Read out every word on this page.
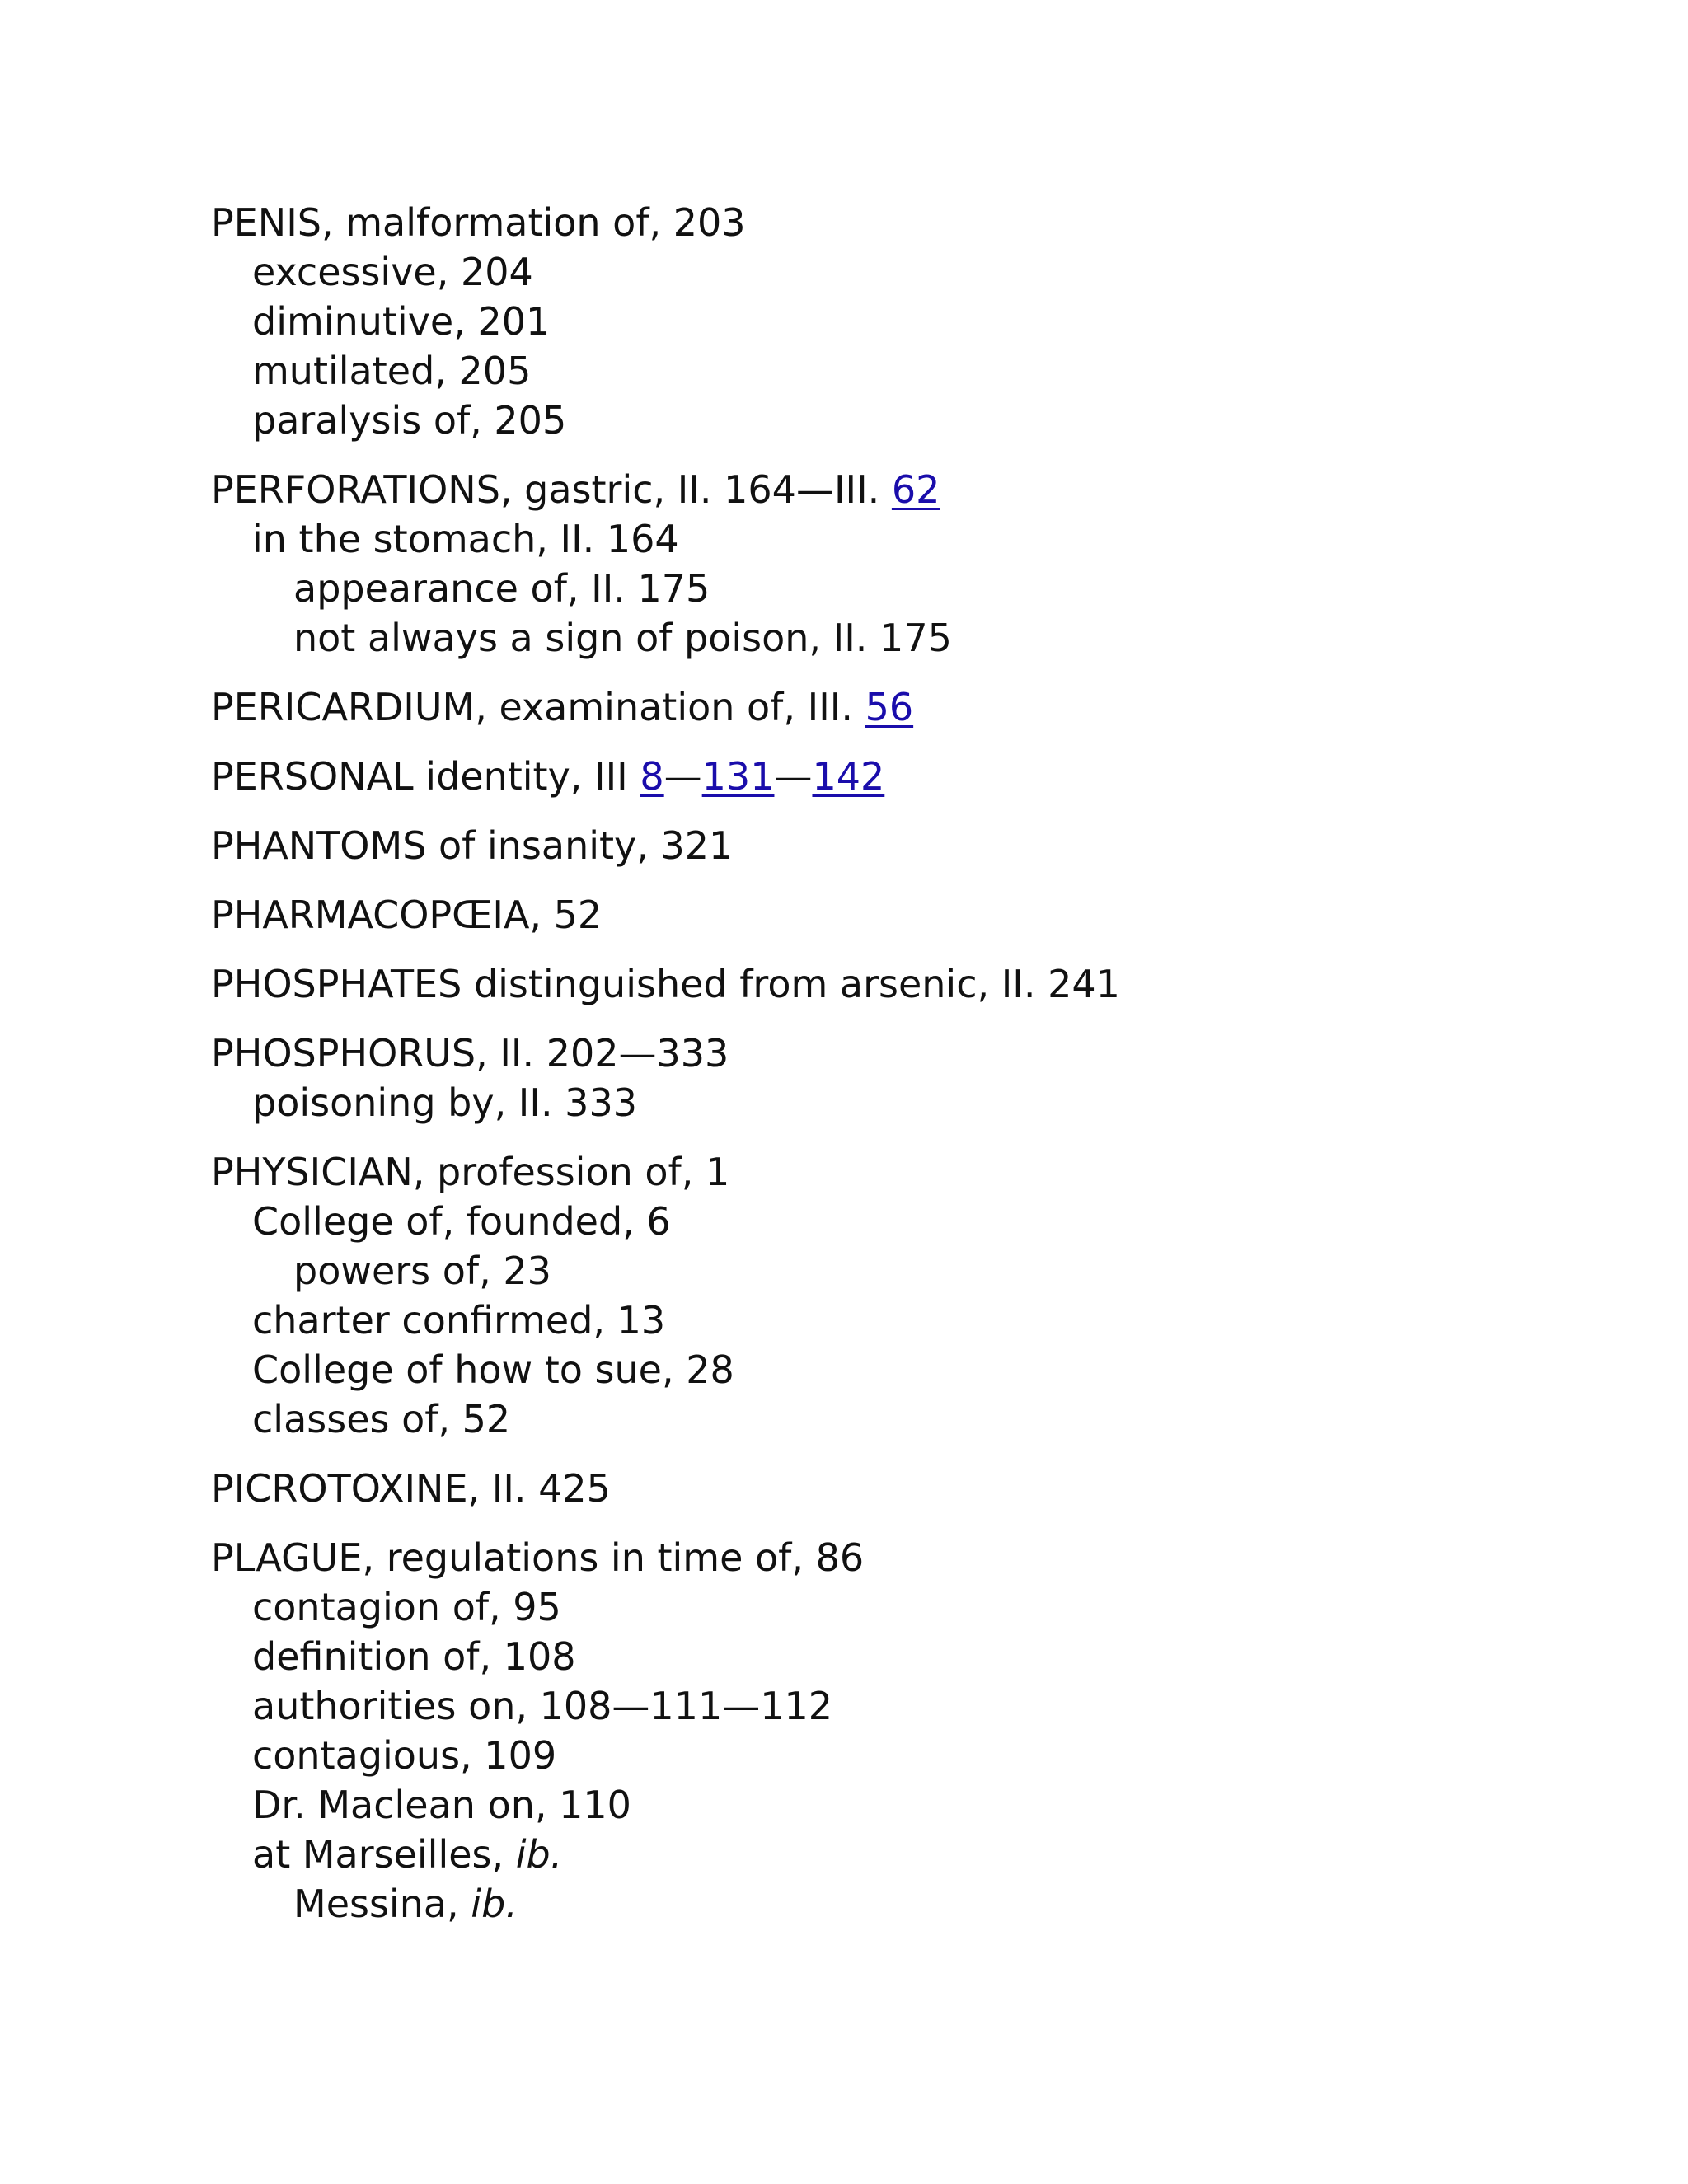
PENIS, malformation of, 203
excessive, 204
diminutive, 201
mutilated, 205
paralysis of, 205
PERFORATIONS, gastric, II. 164—III. 62
in the stomach, II. 164
appearance of, II. 175
not always a sign of poison, II. 175
PERICARDIUM, examination of, III. 56
PERSONAL identity, III 8—131—142
PHANTOMS of insanity, 321
PHARMACOPŒIA, 52
PHOSPHATES distinguished from arsenic, II. 241
PHOSPHORUS, II. 202—333
poisoning by, II. 333
PHYSICIAN, profession of, 1
College of, founded, 6
powers of, 23
charter confirmed, 13
College of how to sue, 28
classes of, 52
PICROTOXINE, II. 425
PLAGUE, regulations in time of, 86
contagion of, 95
definition of, 108
authorities on, 108—111—112
contagious, 109
Dr. Maclean on, 110
at Marseilles, ib.
Messina, ib.
